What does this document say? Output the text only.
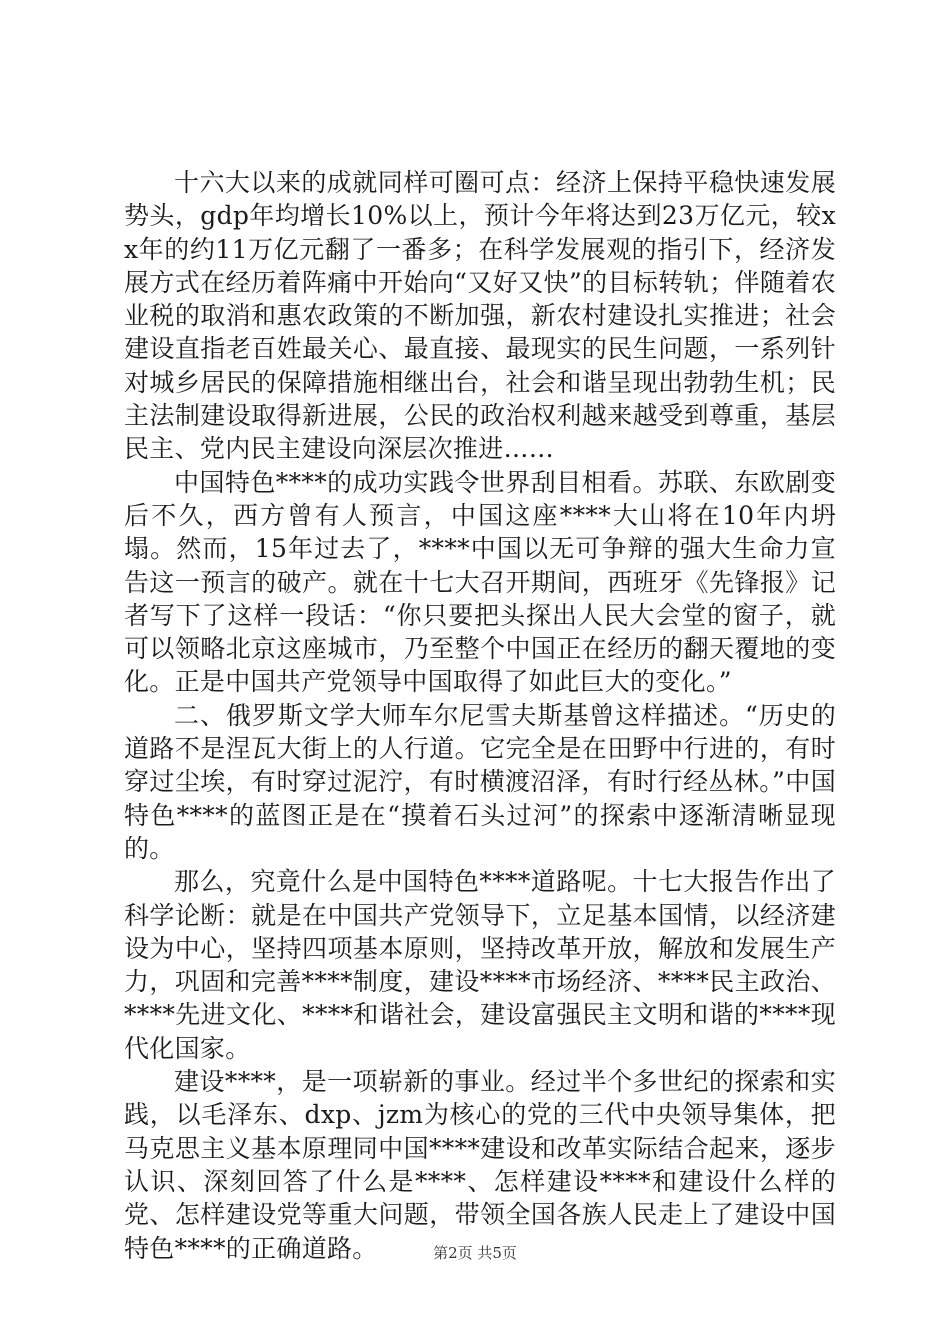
十六大以来的成就同样可圈可点：经济上保持平稳快速发展势头，gdp年均增长10%以上，预计今年将达到23万亿元，较xx年的约11万亿元翻了一番多；在科学发展观的指引下，经济发展方式在经历着阵痛中开始向“又好又快”的目标转轨；伴随着农业税的取消和惠农政策的不断加强，新农村建设扎实推进；社会建设直指老百姓最关心、最直接、最现实的民生问题，一系列针对城乡居民的保障措施相继出台，社会和谐呈现出勃勃生机；民主法制建设取得新进展，公民的政治权利越来越受到尊重，基层民主、党内民主建设向深层次推进……

中国特色****的成功实践令世界刮目相看。苏联、东欧剧变后不久，西方曾有人预言，中国这座****大山将在10年内坍塌。然而，15年过去了，****中国以无可争辩的强大生命力宣告这一预言的破产。就在十七大召开期间，西班牙《先锋报》记者写下了这样一段话：“你只要把头探出人民大会堂的窗子，就可以领略北京这座城市，乃至整个中国正在经历的翻天覆地的变化。正是中国共产党领导中国取得了如此巨大的变化。”

二、俄罗斯文学大师车尔尼雪夫斯基曾这样描述。“历史的道路不是涅瓦大街上的人行道。它完全是在田野中行进的，有时穿过尘埃，有时穿过泥泞，有时横渡沼泽，有时行经丛林。”中国特色****的蓝图正是在“摸着石头过河”的探索中逐渐清晰显现的。

那么，究竟什么是中国特色****道路呢。十七大报告作出了科学论断：就是在中国共产党领导下，立足基本国情，以经济建设为中心，坚持四项基本原则，坚持改革开放，解放和发展生产力，巩固和完善****制度，建设****市场经济、****民主政治、****先进文化、****和谐社会，建设富强民主文明和谐的****现代化国家。

建设****，是一项崭新的事业。经过半个多世纪的探索和实践，以毛泽东、dxp、jzm为核心的党的三代中央领导集体，把马克思主义基本原理同中国****建设和改革实际结合起来，逐步认识、深刻回答了什么是****、怎样建设****和建设什么样的党、怎样建设党等重大问题，带领全国各族人民走上了建设中国特色****的正确道路。	第2页 共5页
